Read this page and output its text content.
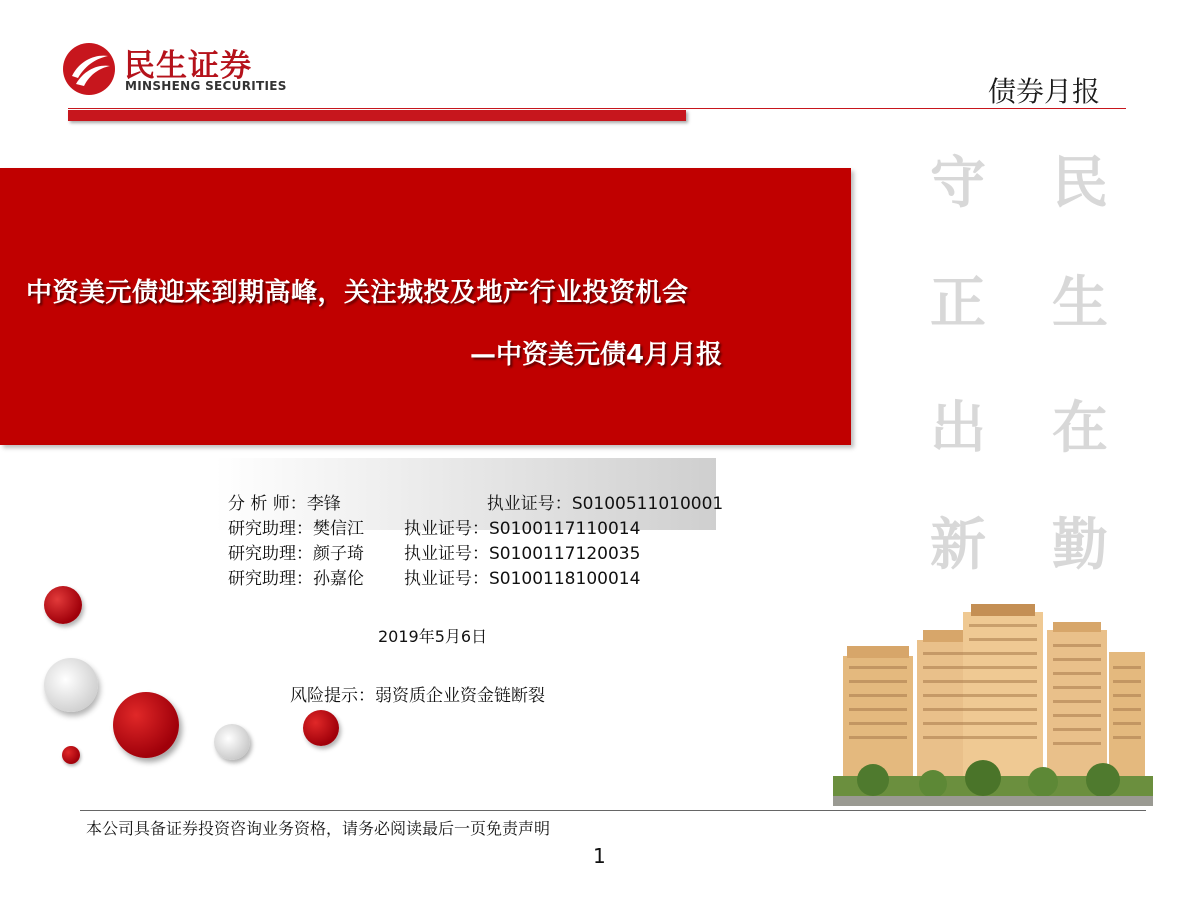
民生证券
MINSHENG SECURITIES	债券月报
中资美元债迎来到期高峰，关注城投及地产行业投资机会
—中资美元债4月月报
民
生
在
勤
守
正
出
新
分 析 师：李锋	执业证号：S0100511010001
研究助理：樊信江 执业证号：S0100117110014
研究助理：颜子琦 执业证号：S0100117120035
研究助理：孙嘉伦 执业证号：S0100118100014
2019年5月6日
风险提示：弱资质企业资金链断裂
本公司具备证券投资咨询业务资格，请务必阅读最后一页免责声明
1
